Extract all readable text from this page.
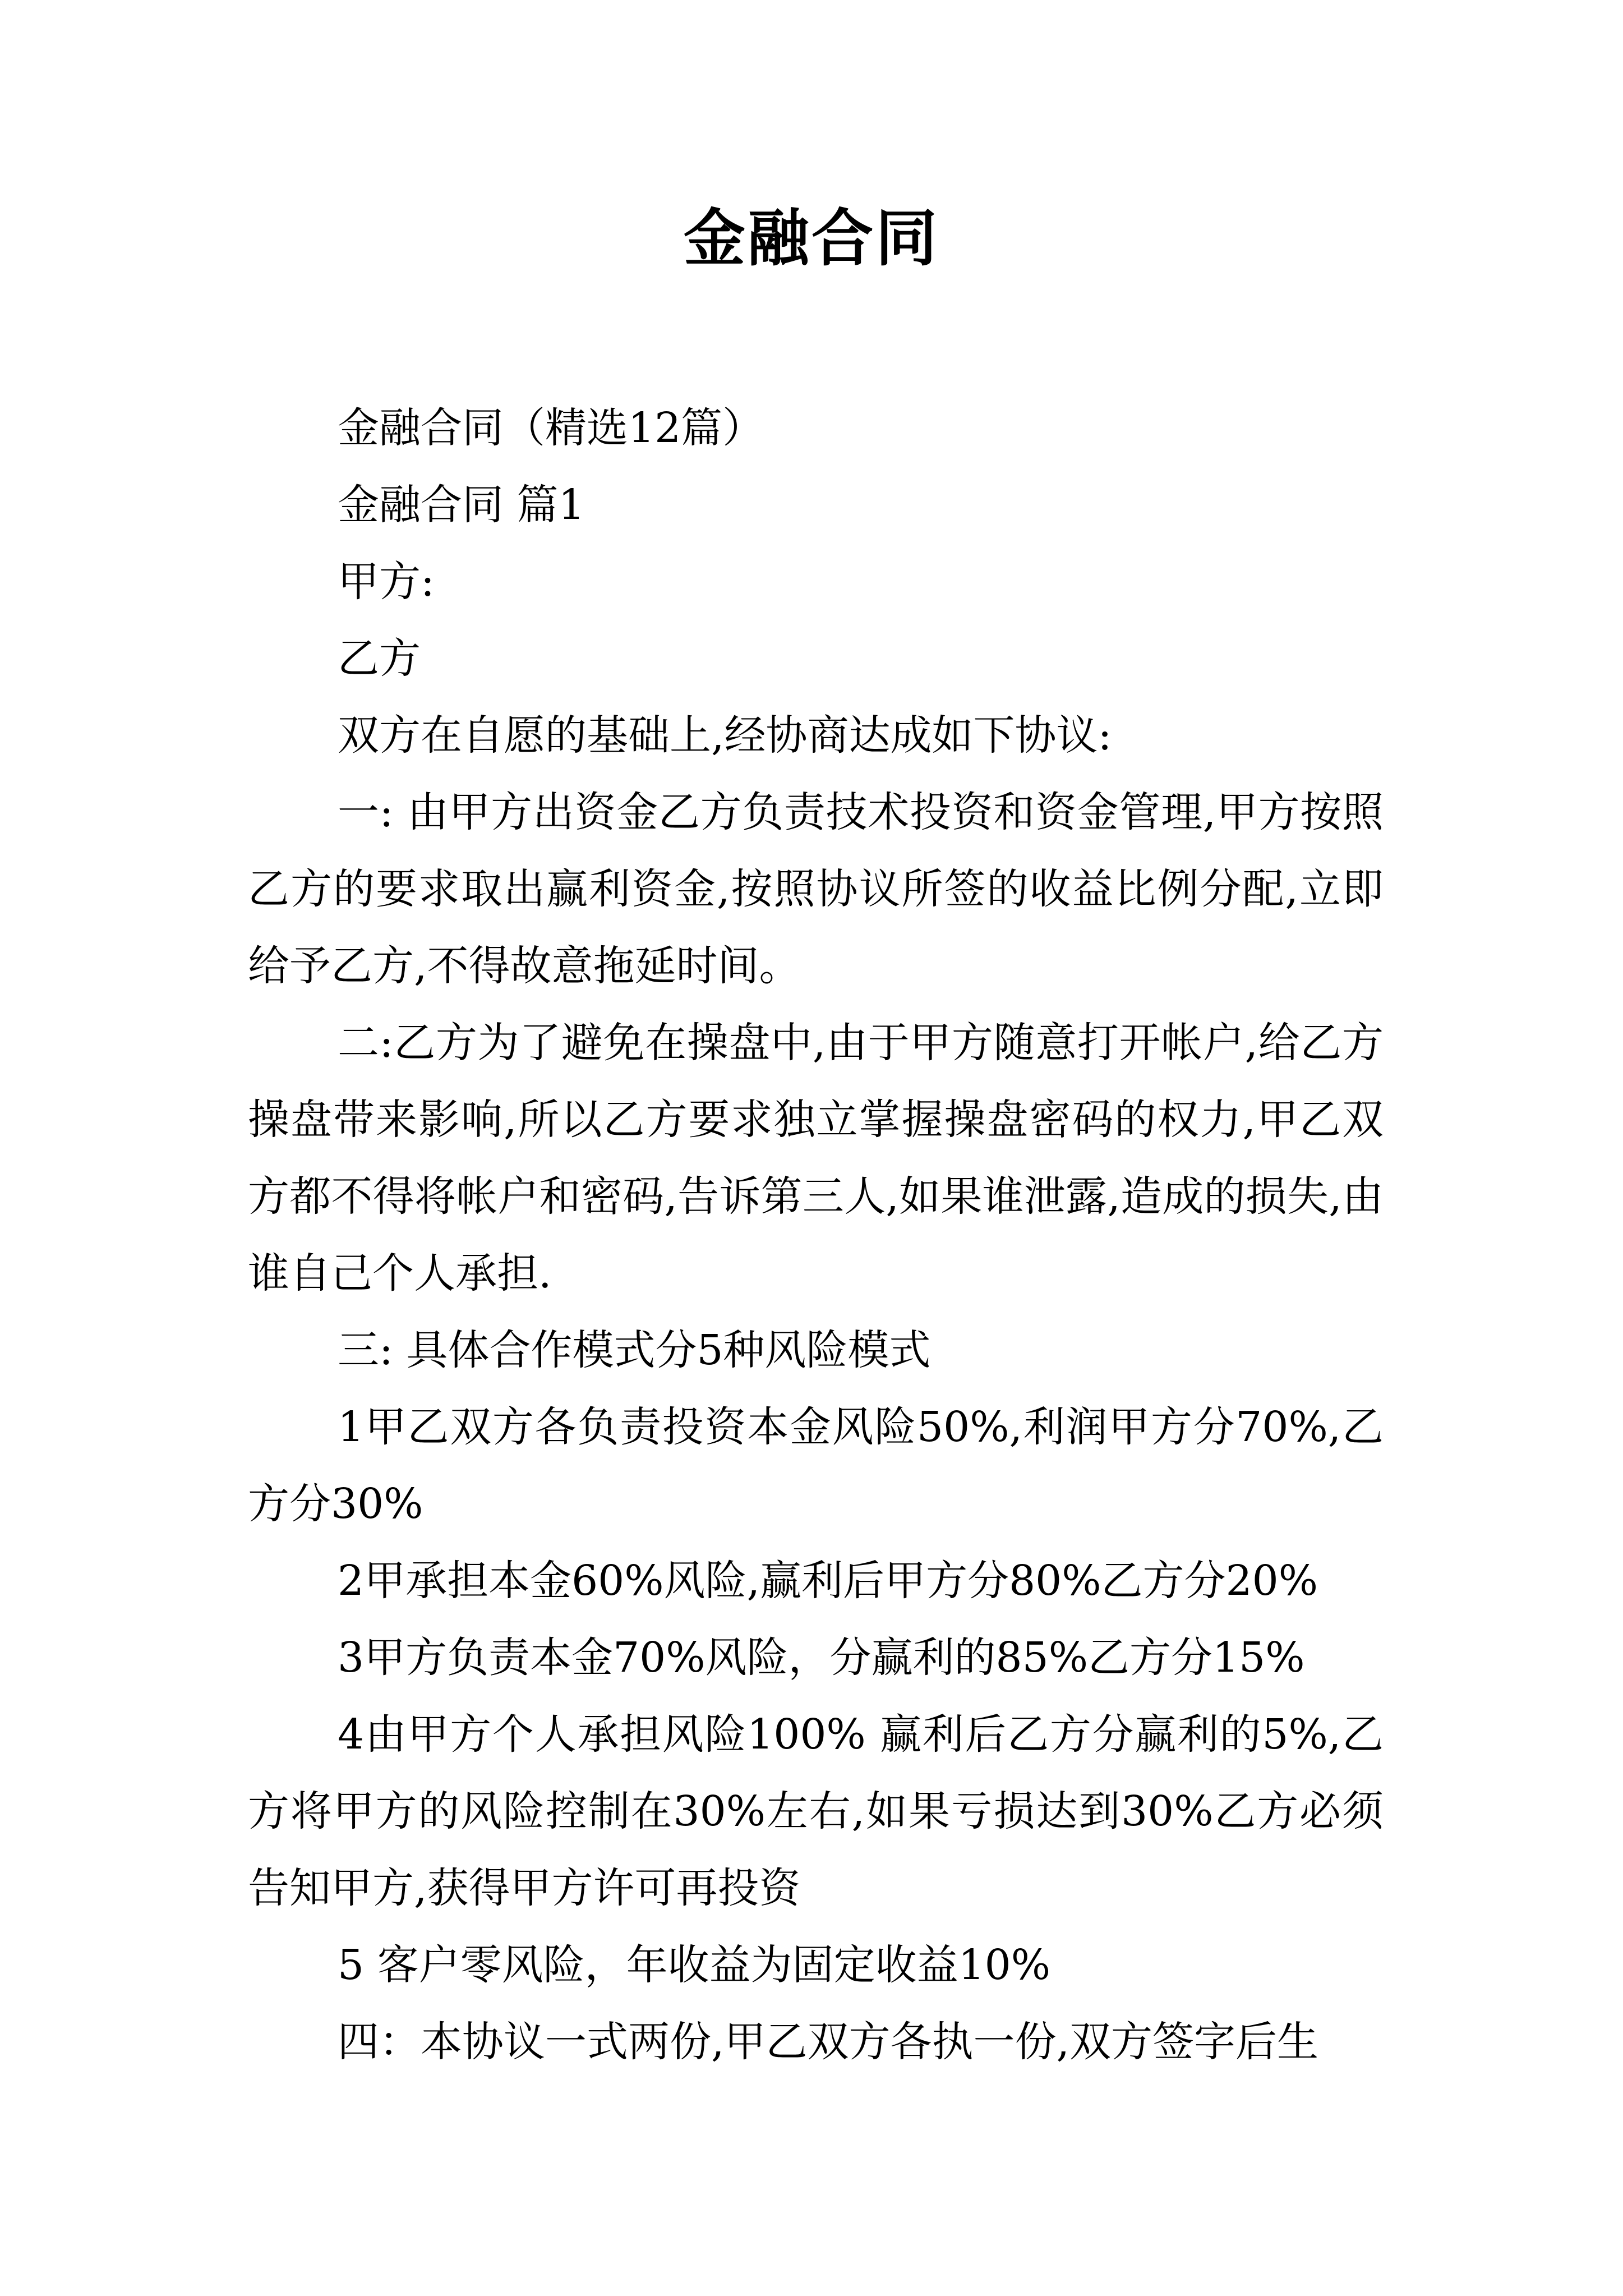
金融合同

金融合同（精选12篇）

金融合同 篇1

甲方:

乙方

双方在自愿的基础上,经协商达成如下协议:

一: 由甲方出资金乙方负责技术投资和资金管理,甲方按照乙方的要求取出赢利资金,按照协议所签的收益比例分配,立即给予乙方,不得故意拖延时间。

二:乙方为了避免在操盘中,由于甲方随意打开帐户,给乙方操盘带来影响,所以乙方要求独立掌握操盘密码的权力,甲乙双方都不得将帐户和密码,告诉第三人,如果谁泄露,造成的损失,由谁自己个人承担.

三: 具体合作模式分5种风险模式

1甲乙双方各负责投资本金风险50%,利润甲方分70%,乙方分30%

2甲承担本金60%风险,赢利后甲方分80%乙方分20%

3甲方负责本金70%风险，分赢利的85%乙方分15%

4由甲方个人承担风险100% 赢利后乙方分赢利的5%,乙方将甲方的风险控制在30%左右,如果亏损达到30%乙方必须告知甲方,获得甲方许可再投资

5 客户零风险，年收益为固定收益10%

四：本协议一式两份,甲乙双方各执一份,双方签字后生
